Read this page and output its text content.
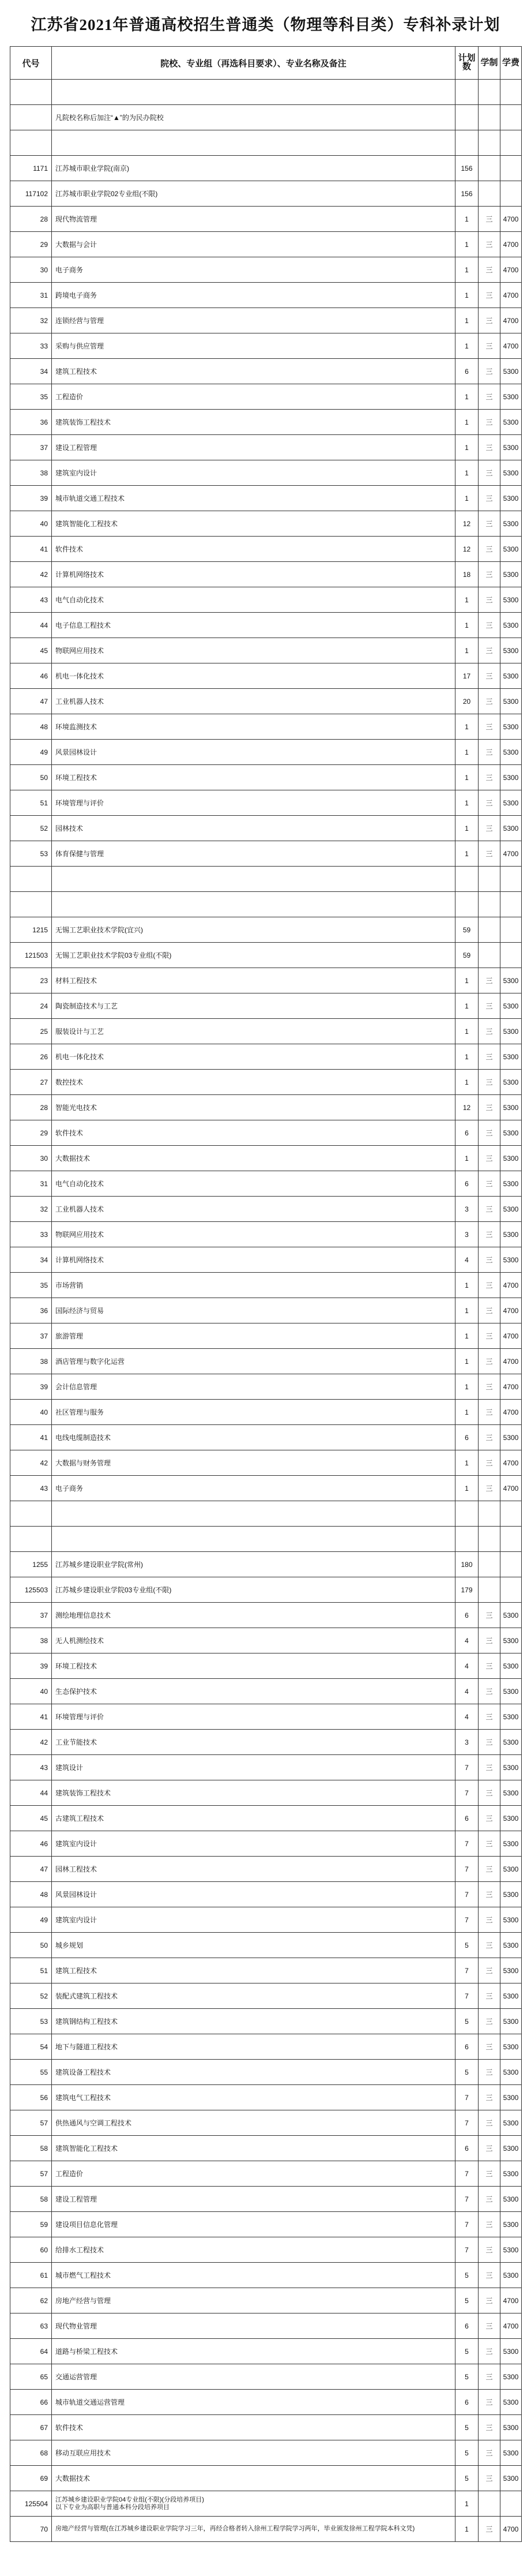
江苏省2021年普通高校招生普通类（物理等科目类）专科补录计划
代号	院校、专业组（再选科目要求）、专业名称及备注	计划数	学制	学费

	凡院校名称后加注“▲”的为民办院校			

1171	江苏城市职业学院(南京)	156		
117102	江苏城市职业学院02专业组(不限)	156		
28	现代物流管理	1	三	4700
29	大数据与会计	1	三	4700
30	电子商务	1	三	4700
31	跨境电子商务	1	三	4700
32	连锁经营与管理	1	三	4700
33	采购与供应管理	1	三	4700
34	建筑工程技术	6	三	5300
35	工程造价	1	三	5300
36	建筑装饰工程技术	1	三	5300
37	建设工程管理	1	三	5300
38	建筑室内设计	1	三	5300
39	城市轨道交通工程技术	1	三	5300
40	建筑智能化工程技术	12	三	5300
41	软件技术	12	三	5300
42	计算机网络技术	18	三	5300
43	电气自动化技术	1	三	5300
44	电子信息工程技术	1	三	5300
45	物联网应用技术	1	三	5300
46	机电一体化技术	17	三	5300
47	工业机器人技术	20	三	5300
48	环境监测技术	1	三	5300
49	风景园林设计	1	三	5300
50	环境工程技术	1	三	5300
51	环境管理与评价	1	三	5300
52	园林技术	1	三	5300
53	体育保健与管理	1	三	4700

1215	无锡工艺职业技术学院(宜兴)	59		
121503	无锡工艺职业技术学院03专业组(不限)	59		
23	材料工程技术	1	三	5300
24	陶瓷制造技术与工艺	1	三	5300
25	服装设计与工艺	1	三	5300
26	机电一体化技术	1	三	5300
27	数控技术	1	三	5300
28	智能光电技术	12	三	5300
29	软件技术	6	三	5300
30	大数据技术	1	三	5300
31	电气自动化技术	6	三	5300
32	工业机器人技术	3	三	5300
33	物联网应用技术	3	三	5300
34	计算机网络技术	4	三	5300
35	市场营销	1	三	4700
36	国际经济与贸易	1	三	4700
37	旅游管理	1	三	4700
38	酒店管理与数字化运营	1	三	4700
39	会计信息管理	1	三	4700
40	社区管理与服务	1	三	4700
41	电线电缆制造技术	6	三	5300
42	大数据与财务管理	1	三	4700
43	电子商务	1	三	4700

1255	江苏城乡建设职业学院(常州)	180		
125503	江苏城乡建设职业学院03专业组(不限)	179		
37	测绘地理信息技术	6	三	5300
38	无人机测绘技术	4	三	5300
39	环境工程技术	4	三	5300
40	生态保护技术	4	三	5300
41	环境管理与评价	4	三	5300
42	工业节能技术	3	三	5300
43	建筑设计	7	三	5300
44	建筑装饰工程技术	7	三	5300
45	古建筑工程技术	6	三	5300
46	建筑室内设计	7	三	5300
47	园林工程技术	7	三	5300
48	风景园林设计	7	三	5300
49	建筑室内设计	7	三	5300
50	城乡规划	5	三	5300
51	建筑工程技术	7	三	5300
52	装配式建筑工程技术	7	三	5300
53	建筑钢结构工程技术	5	三	5300
54	地下与隧道工程技术	6	三	5300
55	建筑设备工程技术	5	三	5300
56	建筑电气工程技术	7	三	5300
57	供热通风与空调工程技术	7	三	5300
58	建筑智能化工程技术	6	三	5300
57	工程造价	7	三	5300
58	建设工程管理	7	三	5300
59	建设项目信息化管理	7	三	5300
60	给排水工程技术	7	三	5300
61	城市燃气工程技术	5	三	5300
62	房地产经营与管理	5	三	4700
63	现代物业管理	6	三	4700
64	道路与桥梁工程技术	5	三	5300
65	交通运营管理	5	三	5300
66	城市轨道交通运营管理	6	三	5300
67	软件技术	5	三	5300
68	移动互联应用技术	5	三	5300
69	大数据技术	5	三	5300
125504	江苏城乡建设职业学院04专业组(不限)(分段培养项目)
以下专业为高职与普通本科分段培养项目	1		
70	房地产经营与管理(在江苏城乡建设职业学院学习三年，再经合格者转入徐州工程学院学习两年，毕业颁发徐州工程学院本科文凭)	1	三	4700
